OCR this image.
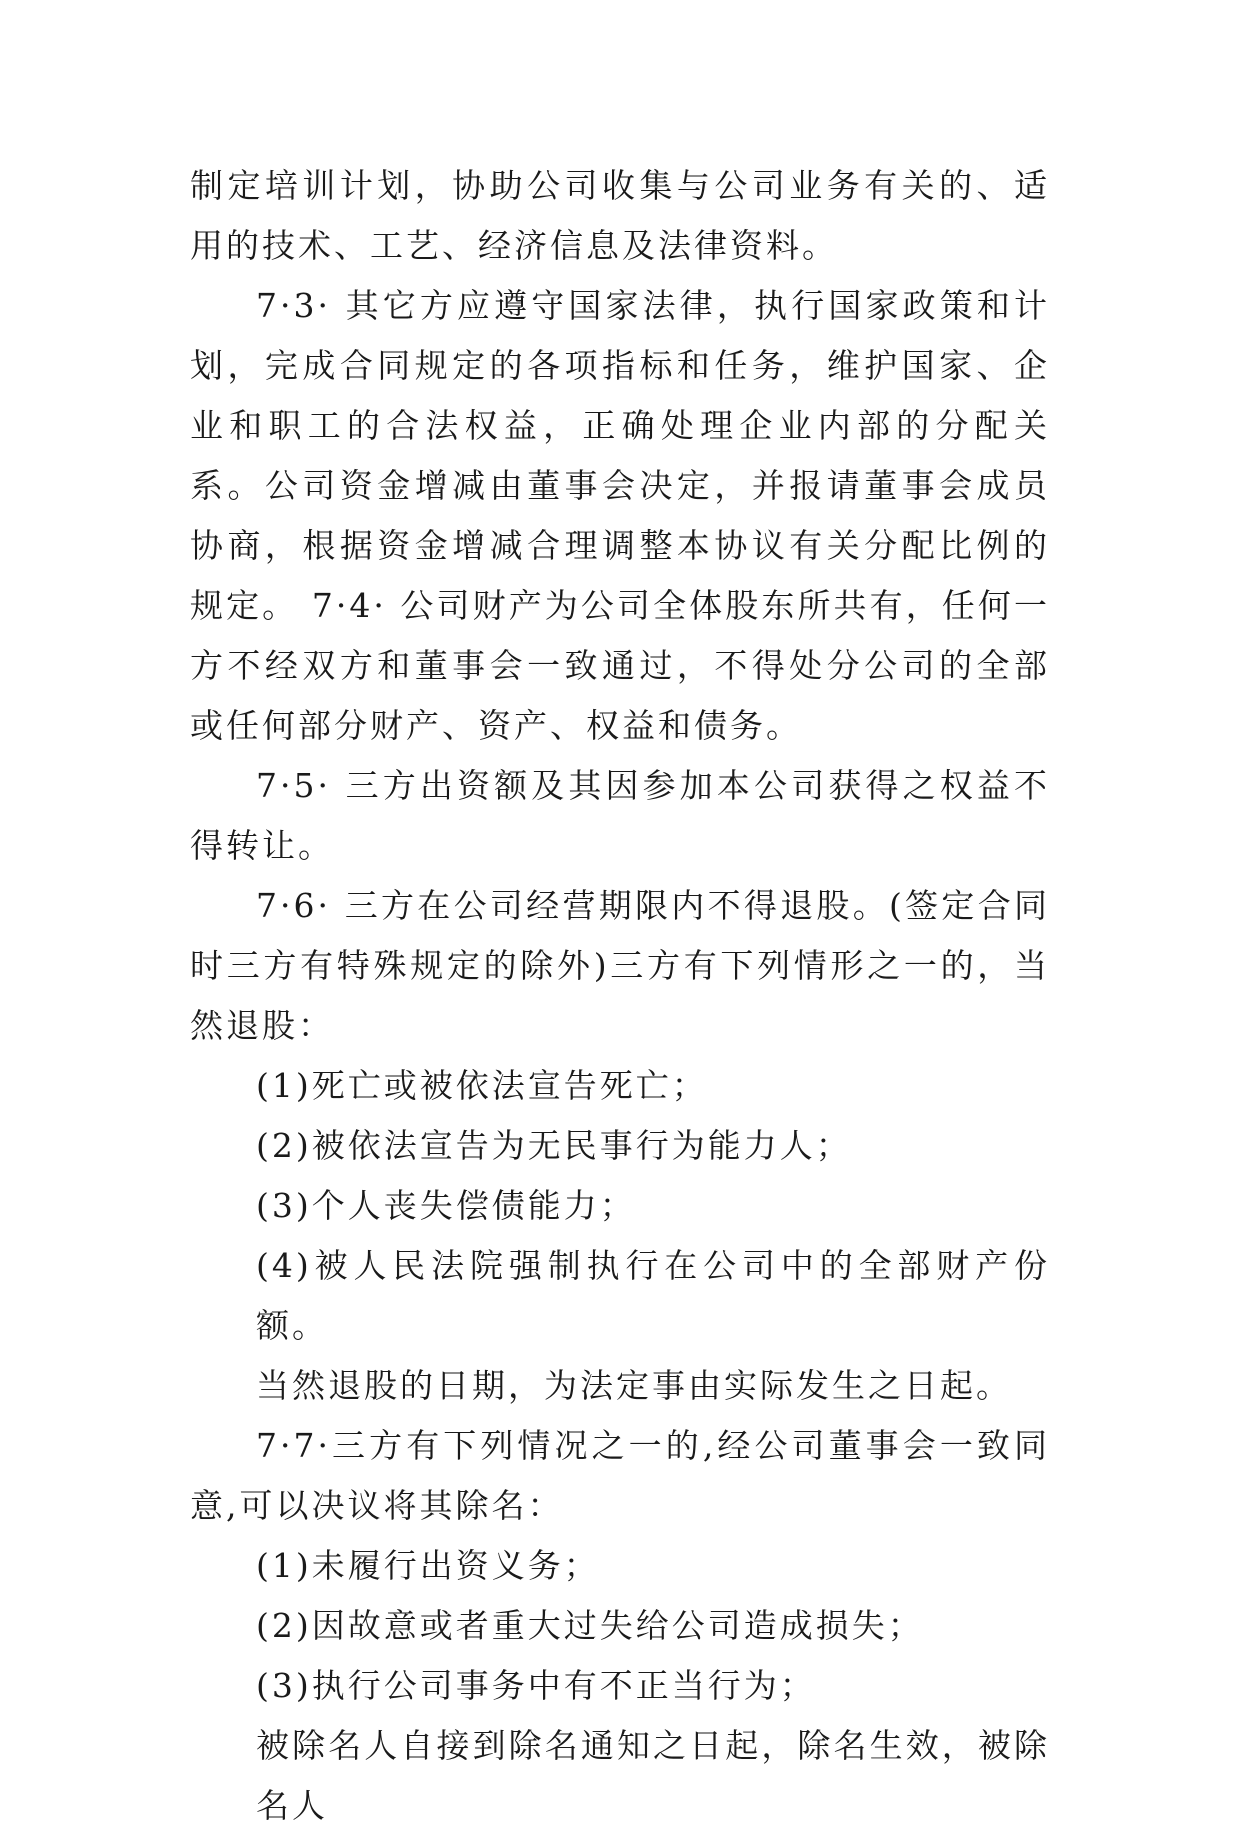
制定培训计划，协助公司收集与公司业务有关的、适用的技术、工艺、经济信息及法律资料。

7·3· 其它方应遵守国家法律，执行国家政策和计划，完成合同规定的各项指标和任务，维护国家、企业和职工的合法权益，正确处理企业内部的分配关系。公司资金增减由董事会决定，并报请董事会成员协商，根据资金增减合理调整本协议有关分配比例的规定。 7·4· 公司财产为公司全体股东所共有，任何一方不经双方和董事会一致通过，不得处分公司的全部或任何部分财产、资产、权益和债务。

7·5· 三方出资额及其因参加本公司获得之权益不得转让。

7·6· 三方在公司经营期限内不得退股。(签定合同时三方有特殊规定的除外)三方有下列情形之一的，当然退股：

(1)死亡或被依法宣告死亡；

(2)被依法宣告为无民事行为能力人；

(3)个人丧失偿债能力；

(4)被人民法院强制执行在公司中的全部财产份额。

当然退股的日期，为法定事由实际发生之日起。

7·7·三方有下列情况之一的,经公司董事会一致同意,可以决议将其除名：

(1)未履行出资义务；

(2)因故意或者重大过失给公司造成损失；

(3)执行公司事务中有不正当行为；

被除名人自接到除名通知之日起，除名生效，被除名人
